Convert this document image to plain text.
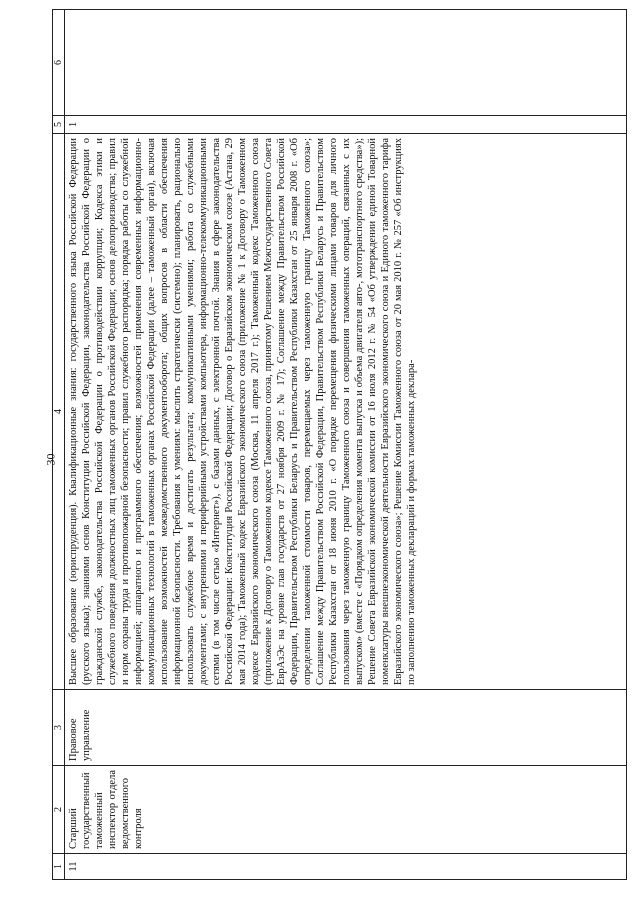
30
1	2	3	4	5	6
11	Старший государственный таможенный инспектор отдела ведомственного контроля	Правовое управление	Высшее образование (юриспруденция). Квалификационные знания: государственного языка Российской Федерации (русского языка); знаниями основ Конституции Российской Федерации, законодательства Российской Федерации о гражданской службе, законодательства Российской Федерации о противодействии коррупции; Кодекса этики и служебного поведения должностных лиц таможенных органов Российской Федерации; основ делопроизводства; правил и норм охраны труда и противопожарной безопасности; правил служебного распорядка; порядка работы со служебной информацией; аппаратного и программного обеспечения; возможностей применения современных информационно-коммуникационных технологий в таможенных органах Российской Федерации (далее – таможенный орган), включая использование возможностей межведомственного документооборота; общих вопросов в области обеспечения информационной безопасности. Требования к умениям: мыслить стратегически (системно); планировать, рационально использовать служебное время и достигать результата; коммуникативными умениями; работа со служебными документами; с внутренними и периферийными устройствами компьютера, информационно-телекоммуникационными сетями (в том числе сетью «Интернет»), с базами данных, с электронной почтой. Знания в сфере законодательства Российской Федерации: Конституция Российской Федерации; Договор о Евразийском экономическом союзе (Астана, 29 мая 2014 года); Таможенный кодекс Евразийского экономического союза (приложение № 1 к Договору о Таможенном кодексе Евразийского экономического союза (Москва, 11 апреля 2017 г.); Таможенный кодекс Таможенного союза (приложение к Договору о Таможенном кодексе Таможенного союза, принятому Решением Межгосударственного Совета ЕврАзЭс на уровне глав государств от 27 ноября 2009 г. № 17); Соглашение между Правительством Российской Федерации, Правительством Республики Беларусь и Правительством Республики Казахстан от 25 января 2008 г. «Об определении таможенной стоимости товаров, перемещаемых через таможенную границу Таможенного союза»; Соглашение между Правительством Российской Федерации, Правительством Республики Беларусь и Правительством Республики Казахстан от 18 июня 2010 г. «О порядке перемещения физическими лицами товаров для личного пользования через таможенную границу Таможенного союза и совершения таможенных операций, связанных с их выпуском» (вместе с «Порядком определения момента выпуска и объема двигателя авто-, мототранспортного средства»); Решение Совета Евразийской экономической комиссии от 16 июля 2012 г. № 54 «Об утверждении единой Товарной номенклатуры внешнеэкономической деятельности Евразийского экономического союза и Единого таможенного тарифа Евразийского экономического союза»; Решение Комиссии Таможенного союза от 20 мая 2010 г. № 257 «Об инструкциях по заполнению таможенных деклараций и формах таможенных деклара-	1	
